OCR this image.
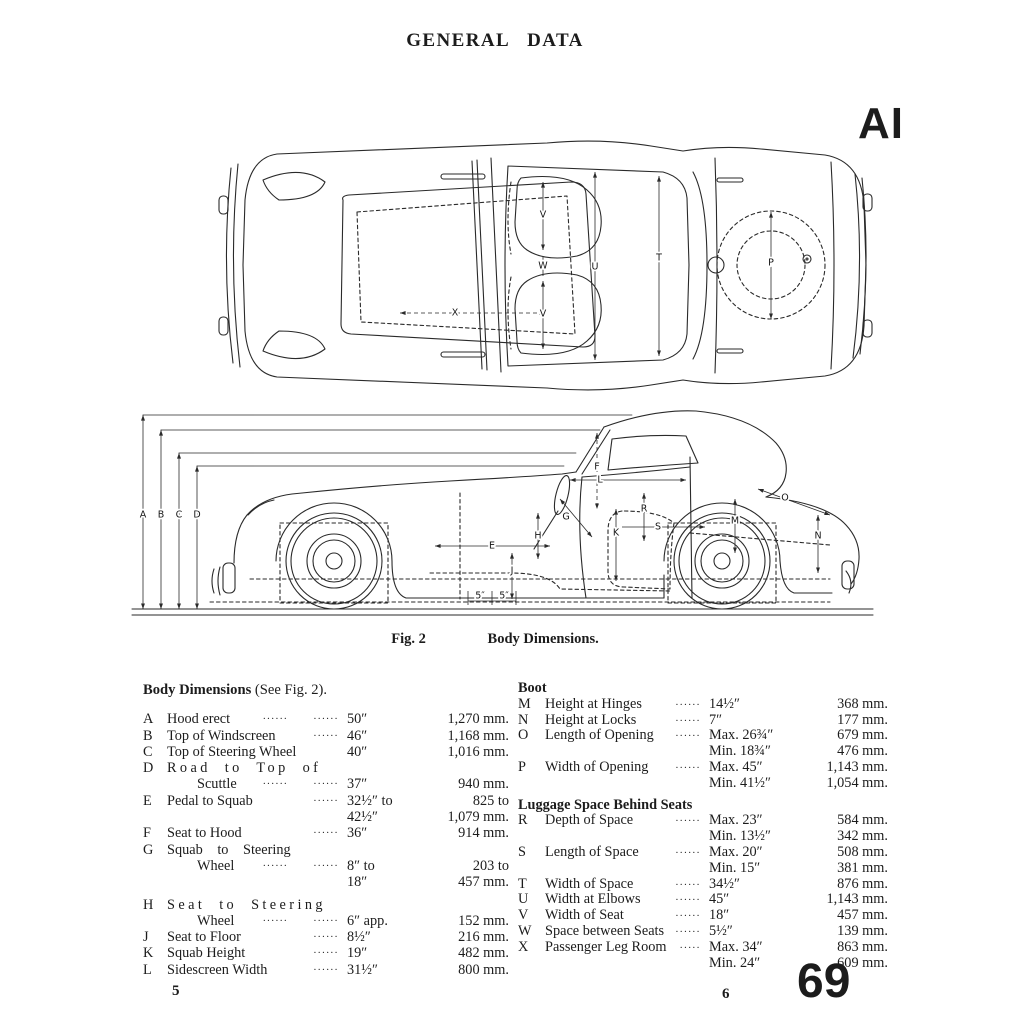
GENERAL DATA
AI
V
W	U
T
V
X
P
A B C D
E
F
G
H
J
K
L
R
S
M
N
O
5″ 5″
Fig. 2	Body Dimensions.
Body Dimensions (See Fig. 2).
A Hood erect	......      ...... 50″	1,270 mm.
B	Top of Windscreen	...... 46″	1,168 mm.
C	Top of Steering Wheel	40″	1,016 mm.
D Road to Top of
Scuttle ......      ...... 37″	940 mm.
E	Pedal to Squab	...... 32½″ to	825 to
42½″	1,079 mm.
F	Seat to Hood	...... 36″	914 mm.
G Squab to Steering
Wheel	......      ...... 8″ to	203 to
18″	457 mm.
H Seat to Steering
Wheel	......      ...... 6″ app.	152 mm.
J	Seat to Floor	...... 8½″	216 mm.
K Squab Height	...... 19″	482 mm.
L	Sidescreen Width	...... 31½″	800 mm.
Boot
M Height at Hinges	...... 14½″	368 mm.
N	Height at Locks	...... 7″	177 mm.
O	Length of Opening ...... Max. 26¾″	679 mm.
Min. 18¾″	476 mm.
P	Width of Opening	...... Max. 45″	1,143 mm.
Min. 41½″	1,054 mm.
Luggage Space Behind Seats
R	Depth of Space	...... Max. 23″	584 mm.
Min. 13½″	342 mm.
S	Length of Space	...... Max. 20″	508 mm.
Min. 15″	381 mm.
T	Width of Space	...... 34½″	876 mm.
U	Width at Elbows	...... 45″	1,143 mm.
V	Width of Seat	...... 18″	457 mm.
W Space between Seats ...... 5½″	139 mm.
X	Passenger Leg Room ..... Max. 34″	863 mm.
Min. 24″	609 mm.
5	6 69
